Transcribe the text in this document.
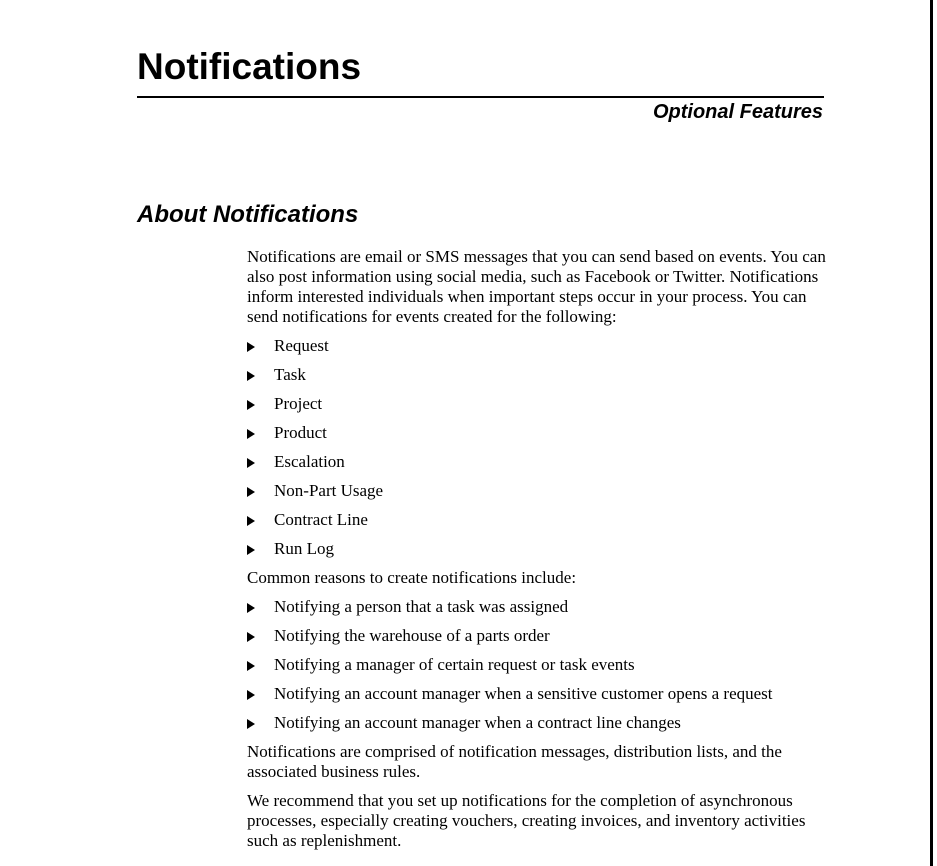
Notifications
Optional Features
About Notifications

Notifications are email or SMS messages that you can send based on events. You can also post information using social media, such as Facebook or Twitter. Notifications inform interested individuals when important steps occur in your process. You can send notifications for events created for the following:

Request
Task
Project
Product
Escalation
Non-Part Usage
Contract Line
Run Log

Common reasons to create notifications include:

Notifying a person that a task was assigned
Notifying the warehouse of a parts order
Notifying a manager of certain request or task events
Notifying an account manager when a sensitive customer opens a request
Notifying an account manager when a contract line changes

Notifications are comprised of notification messages, distribution lists, and the associated business rules.

We recommend that you set up notifications for the completion of asynchronous processes, especially creating vouchers, creating invoices, and inventory activities such as replenishment.
